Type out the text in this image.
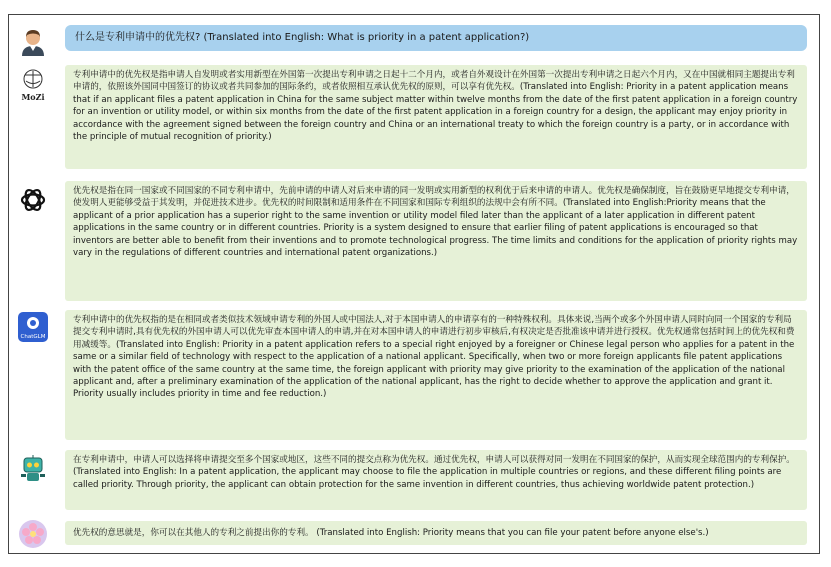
什么是专利申请中的优先权? (Translated into English: What is priority in a patent application?)
MoZi
专利申请中的优先权是指申请人自发明或者实用新型在外国第一次提出专利申请之日起十二个月内，或者自外观设计在外国第一次提出专利申请之日起六个月内，又在中国就相同主题提出专利申请的，依照该外国同中国签订的协议或者共同参加的国际条约，或者依照相互承认优先权的原则，可以享有优先权。(Translated into English: Priority in a patent application means that if an applicant files a patent application in China for the same subject matter within twelve months from the date of the first patent application in a foreign country for an invention or utility model, or within six months from the date of the first patent application in a foreign country for a design, the applicant may enjoy priority in accordance with the agreement signed between the foreign country and China or an international treaty to which the foreign country is a party, or in accordance with the principle of mutual recognition of priority.)
优先权是指在同一国家或不同国家的不同专利申请中，先前申请的申请人对后来申请的同一发明或实用新型的权利优于后来申请的申请人。优先权是确保制度，旨在鼓励更早地提交专利申请，使发明人更能够受益于其发明，并促进技术进步。优先权的时间限制和适用条件在不同国家和国际专利组织的法规中会有所不同。(Translated into English:Priority means that the applicant of a prior application has a superior right to the same invention or utility model filed later than the applicant of a later application in different patent applications in the same country or in different countries. Priority is a system designed to ensure that earlier filing of patent applications is encouraged so that inventors are better able to benefit from their inventions and to promote technological progress. The time limits and conditions for the application of priority rights may vary in the regulations of different countries and international patent organizations.)
ChatGLM
专利申请中的优先权指的是在相同或者类似技术领域申请专利的外国人或中国法人,对于本国申请人的申请享有的一种特殊权利。具体来说,当两个或多个外国申请人同时向同一个国家的专利局提交专利申请时,具有优先权的外国申请人可以优先审查本国申请人的申请,并在对本国申请人的申请进行初步审核后,有权决定是否批准该申请并进行授权。优先权通常包括时间上的优先权和费用减缓等。(Translated into English: Priority in a patent application refers to a special right enjoyed by a foreigner or Chinese legal person who applies for a patent in the same or a similar field of technology with respect to the application of a national applicant. Specifically, when two or more foreign applicants file patent applications with the patent office of the same country at the same time, the foreign applicant with priority may give priority to the examination of the application of the national applicant and, after a preliminary examination of the application of the national applicant, has the right to decide whether to approve the application and grant it. Priority usually includes priority in time and fee reduction.)
在专利申请中，申请人可以选择将申请提交至多个国家或地区，这些不同的提交点称为优先权。通过优先权，申请人可以获得对同一发明在不同国家的保护，从而实现全球范围内的专利保护。(Translated into English: In a patent application, the applicant may choose to file the application in multiple countries or regions, and these different filing points are called priority. Through priority, the applicant can obtain protection for the same invention in different countries, thus achieving worldwide patent protection.)
优先权的意思就是，你可以在其他人的专利之前提出你的专利。 (Translated into English: Priority means that you can file your patent before anyone else's.)
